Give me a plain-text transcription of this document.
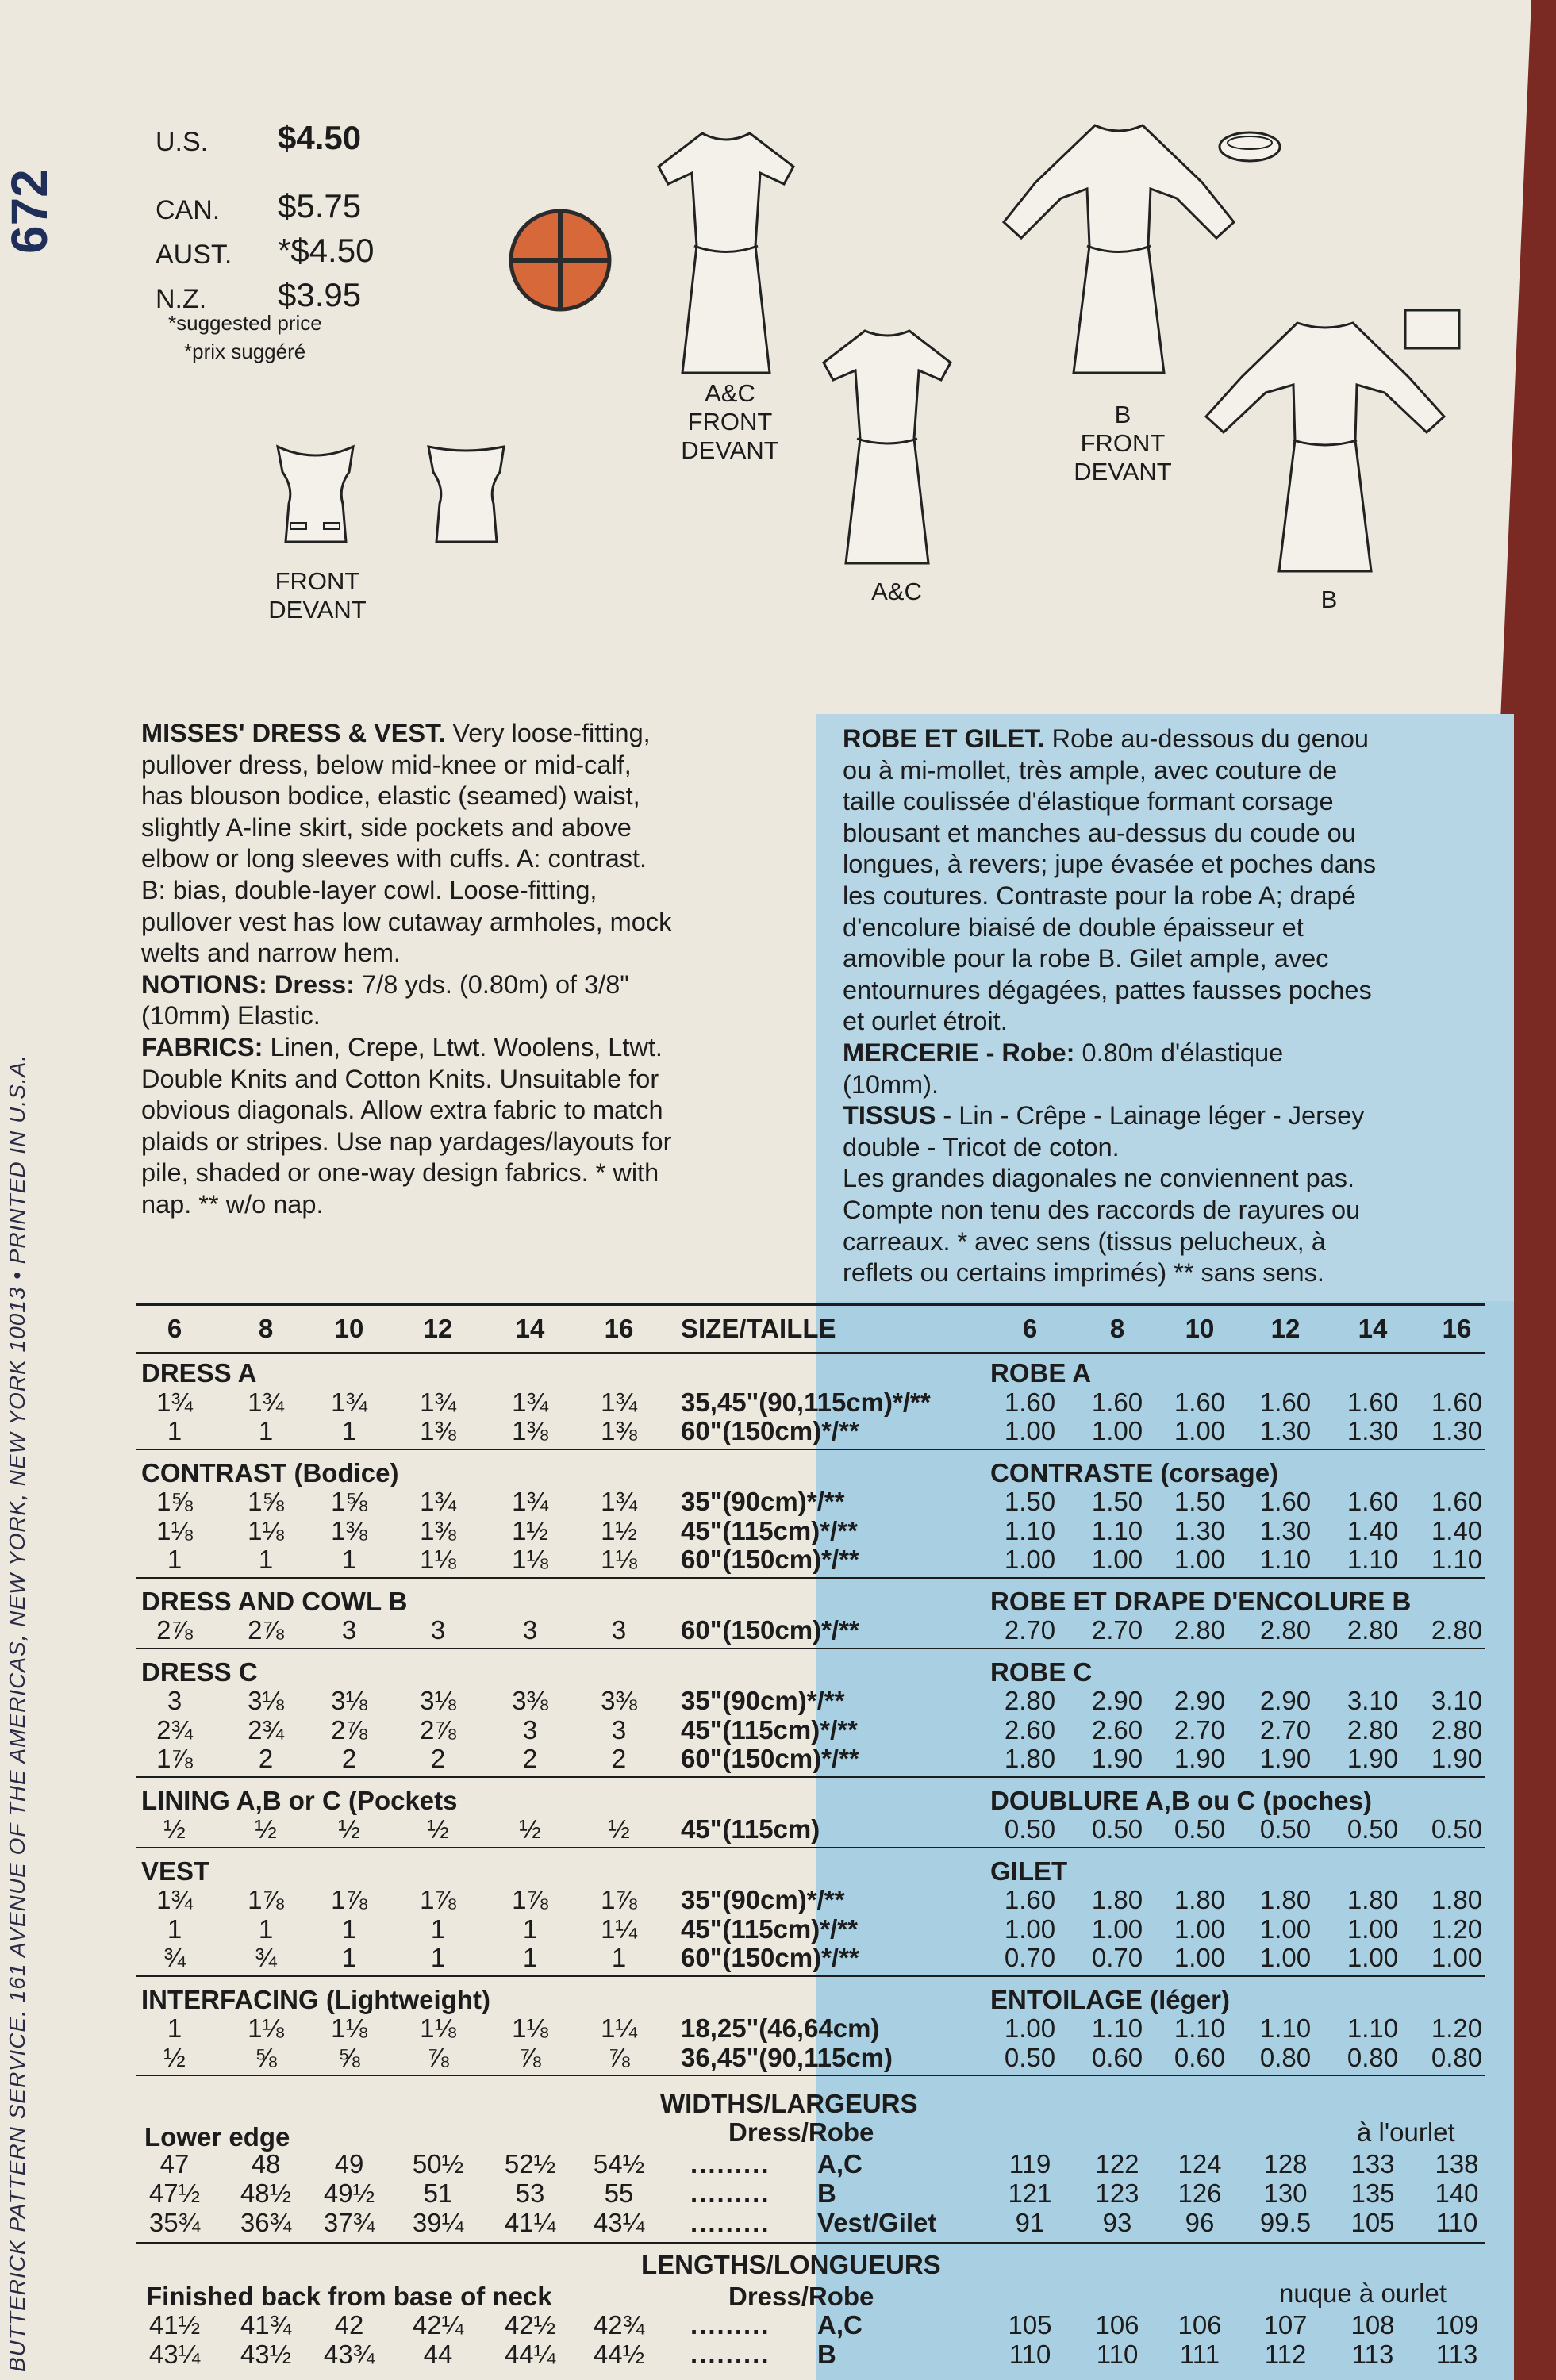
672
BUTTERICK PATTERN SERVICE. 161 AVENUE OF THE AMERICAS, NEW YORK, NEW YORK 10013 • PRINTED IN U.S.A.
U.S. $4.50
CAN. $5.75
AUST. *$4.50
N.Z. $3.95
*suggested price
*prix suggéré
A&C
FRONT
DEVANT
B
FRONT
DEVANT
FRONT
DEVANT
A&C	B
MISSES' DRESS & VEST. Very loose-fitting,
pullover dress, below mid-knee or mid-calf,
has blouson bodice, elastic (seamed) waist,
slightly A-line skirt, side pockets and above
elbow or long sleeves with cuffs. A: contrast.
B: bias, double-layer cowl. Loose-fitting,
pullover vest has low cutaway armholes, mock
welts and narrow hem.
NOTIONS: Dress: 7/8 yds. (0.80m) of 3/8"
(10mm) Elastic.
FABRICS: Linen, Crepe, Ltwt. Woolens, Ltwt.
Double Knits and Cotton Knits. Unsuitable for
obvious diagonals. Allow extra fabric to match
plaids or stripes. Use nap yardages/layouts for
pile, shaded or one-way design fabrics. * with
nap. ** w/o nap.
ROBE ET GILET. Robe au-dessous du genou
ou à mi-mollet, très ample, avec couture de
taille coulissée d'élastique formant corsage
blousant et manches au-dessus du coude ou
longues, à revers; jupe évasée et poches dans
les coutures. Contraste pour la robe A; drapé
d'encolure biaisé de double épaisseur et
amovible pour la robe B. Gilet ample, avec
entournures dégagées, pattes fausses poches
et ourlet étroit.
MERCERIE - Robe: 0.80m d'élastique
(10mm).
TISSUS - Lin - Crêpe - Lainage léger - Jersey
double - Tricot de coton.
Les grandes diagonales ne conviennent pas.
Compte non tenu des raccords de rayures ou
carreaux. * avec sens (tissus pelucheux, à
reflets ou certains imprimés) ** sans sens.
6	8	10	12	14	16	SIZE/TAILLE	6	8	10	12	14	16
DRESS A	ROBE A
1¾	1¾	1¾	1¾	1¾	1¾	35,45"(90,115cm)*/**	1.60	1.60	1.60	1.60	1.60	1.60
1	1	1	1⅜	1⅜	1⅜	60"(150cm)*/**	1.00	1.00	1.00	1.30	1.30	1.30
CONTRAST (Bodice)	CONTRASTE (corsage)
1⅝	1⅝	1⅝	1¾	1¾	1¾	35"(90cm)*/**	1.50	1.50	1.50	1.60	1.60	1.60
1⅛	1⅛	1⅜	1⅜	1½	1½	45"(115cm)*/**	1.10	1.10	1.30	1.30	1.40	1.40
1	1	1	1⅛	1⅛	1⅛	60"(150cm)*/**	1.00	1.00	1.00	1.10	1.10	1.10
DRESS AND COWL B	ROBE ET DRAPE D'ENCOLURE B
2⅞	2⅞	3	3	3	3	60"(150cm)*/**	2.70	2.70	2.80	2.80	2.80	2.80
DRESS C	ROBE C
3	3⅛	3⅛	3⅛	3⅜	3⅜	35"(90cm)*/**	2.80	2.90	2.90	2.90	3.10	3.10
2¾	2¾	2⅞	2⅞	3	3	45"(115cm)*/**	2.60	2.60	2.70	2.70	2.80	2.80
1⅞	2	2	2	2	2	60"(150cm)*/**	1.80	1.90	1.90	1.90	1.90	1.90
LINING A,B or C (Pockets	DOUBLURE A,B ou C (poches)
½	½	½	½	½	½	45"(115cm)	0.50	0.50	0.50	0.50	0.50	0.50
VEST	GILET
1¾	1⅞	1⅞	1⅞	1⅞	1⅞	35"(90cm)*/**	1.60	1.80	1.80	1.80	1.80	1.80
1	1	1	1	1	1¼	45"(115cm)*/**	1.00	1.00	1.00	1.00	1.00	1.20
¾	¾	1	1	1	1	60"(150cm)*/**	0.70	0.70	1.00	1.00	1.00	1.00
INTERFACING (Lightweight)	ENTOILAGE (léger)
1	1⅛	1⅛	1⅛	1⅛	1¼	18,25"(46,64cm)	1.00	1.10	1.10	1.10	1.10	1.20
½	⅝	⅝	⅞	⅞	⅞	36,45"(90,115cm)	0.50	0.60	0.60	0.80	0.80	0.80
WIDTHS/LARGEURS
Lower edge	Dress/Robe	à l'ourlet
47	48	49	50½	52½	54½	......... A,C	119	122	124	128	133	138
47½	48½	49½	51	53	55	......... B	121	123	126	130	135	140
35¾	36¾	37¾	39¼	41¼	43¼	......... Vest/Gilet	91	93	96	99.5	105	110
LENGTHS/LONGUEURS
Finished back from base of neck	Dress/Robe	nuque à ourlet
41½	41¾	42	42¼	42½	42¾	......... A,C	105	106	106	107	108	109
43¼	43½	43¾	44	44¼	44½	......... B	110	110	111	112	113	113
